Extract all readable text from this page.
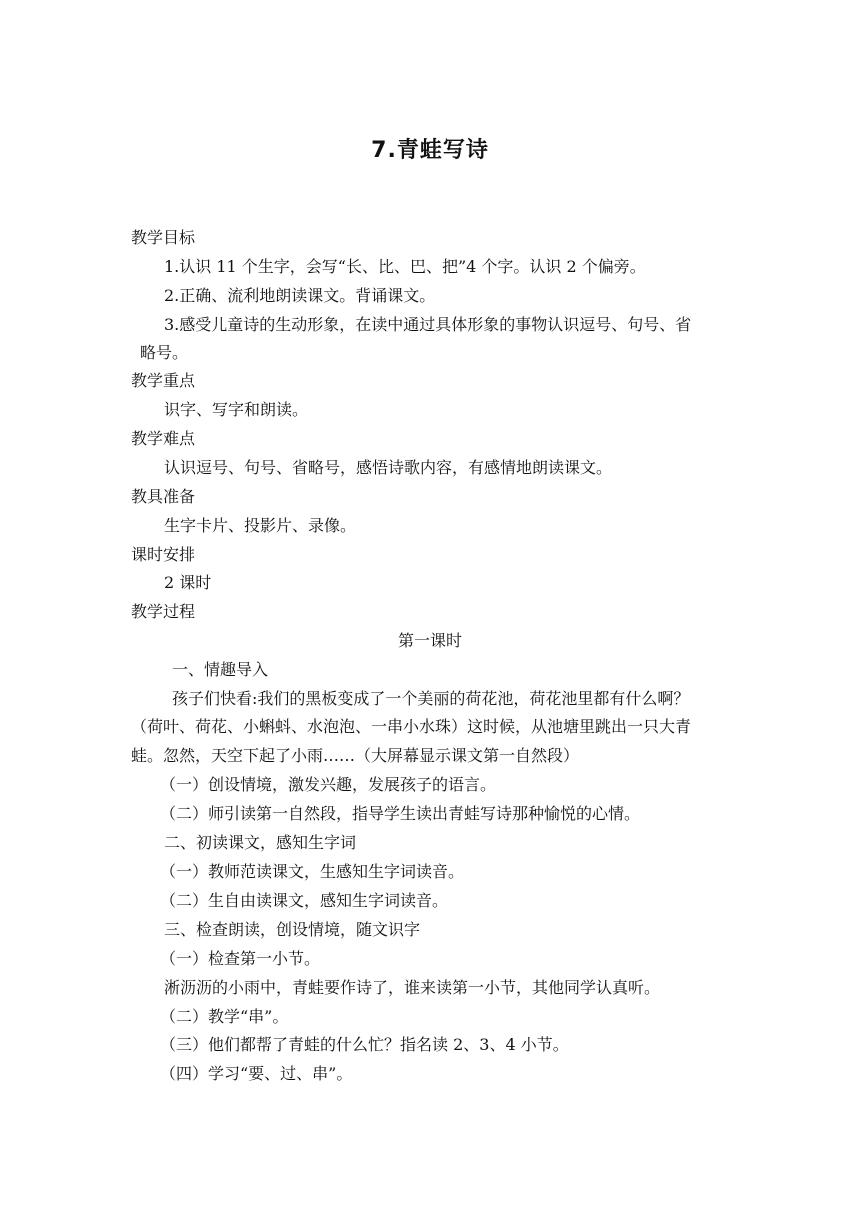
7.青蛙写诗
教学目标
1.认识 11 个生字，会写“长、比、巴、把”4 个字。认识 2 个偏旁。
2.正确、流利地朗读课文。背诵课文。
3.感受儿童诗的生动形象，在读中通过具体形象的事物认识逗号、句号、省
略号。
教学重点
识字、写字和朗读。
教学难点
认识逗号、句号、省略号，感悟诗歌内容，有感情地朗读课文。
教具准备
生字卡片、投影片、录像。
课时安排
2 课时
教学过程
第一课时
一、情趣导入
孩子们快看:我们的黑板变成了一个美丽的荷花池，荷花池里都有什么啊？
（荷叶、荷花、小蝌蚪、水泡泡、一串小水珠）这时候，从池塘里跳出一只大青
蛙。忽然，天空下起了小雨……（大屏幕显示课文第一自然段）
（一）创设情境，激发兴趣，发展孩子的语言。
（二）师引读第一自然段，指导学生读出青蛙写诗那种愉悦的心情。
二、初读课文，感知生字词
（一）教师范读课文，生感知生字词读音。
（二）生自由读课文，感知生字词读音。
三、检查朗读，创设情境，随文识字
（一）检查第一小节。
淅沥沥的小雨中，青蛙要作诗了，谁来读第一小节，其他同学认真听。
（二）教学“串”。
（三）他们都帮了青蛙的什么忙？指名读 2、3、4 小节。
（四）学习“要、过、串”。
